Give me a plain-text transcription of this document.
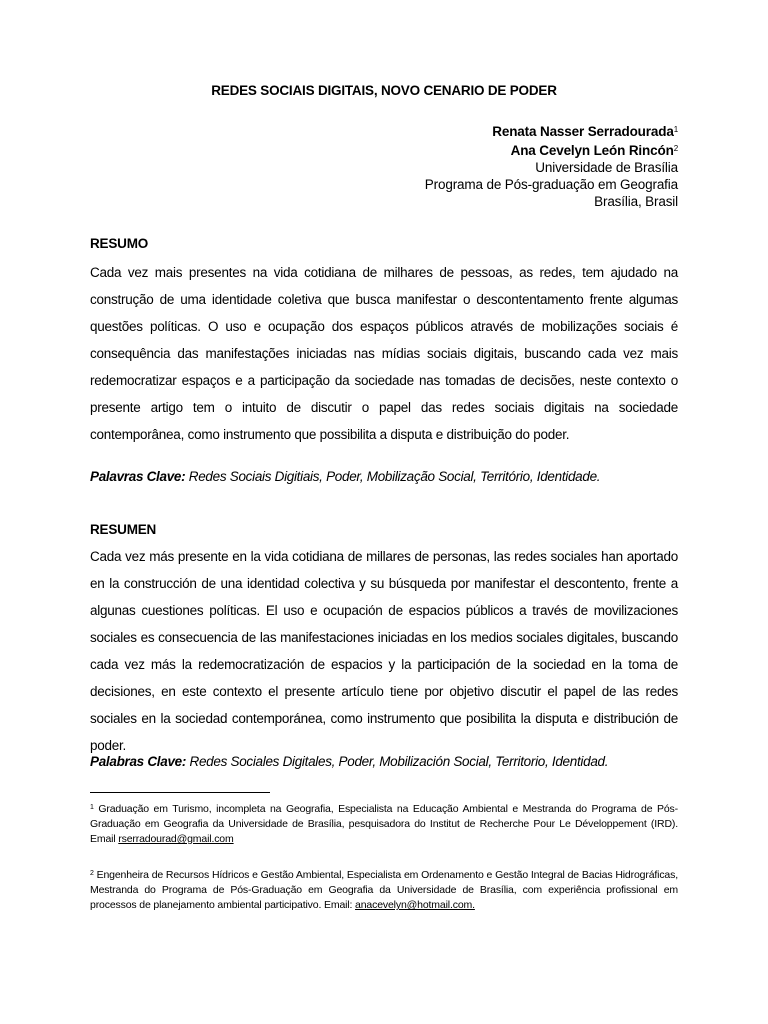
REDES SOCIAIS DIGITAIS, NOVO CENARIO DE PODER
Renata Nasser Serradourada$^1$
Ana Cevelyn León Rincón$^2$
Universidade de Brasília
Programa de Pós-graduação em Geografia
Brasília, Brasil
RESUMO
Cada vez mais presentes na vida cotidiana de milhares de pessoas, as redes, tem ajudado na construção de uma identidade coletiva que busca manifestar o descontentamento frente algumas questões políticas. O uso e ocupação dos espaços públicos através de mobilizações sociais é consequência das manifestações iniciadas nas mídias sociais digitais, buscando cada vez mais redemocratizar espaços e a participação da sociedade nas tomadas de decisões, neste contexto o presente artigo tem o intuito de discutir o papel das redes sociais digitais na sociedade contemporânea, como instrumento que possibilita a disputa e distribuição do poder.
Palavras Clave: Redes Sociais Digitiais, Poder, Mobilização Social, Território, Identidade.
RESUMEN
Cada vez más presente en la vida cotidiana de millares de personas, las redes sociales han aportado en la construcción de una identidad colectiva y su búsqueda por manifestar el descontento, frente a algunas cuestiones políticas. El uso e ocupación de espacios públicos a través de movilizaciones sociales es consecuencia de las manifestaciones iniciadas en los medios sociales digitales, buscando cada vez más la redemocratización de espacios y la participación de la sociedad en la toma de decisiones, en este contexto el presente artículo tiene por objetivo discutir el papel de las redes sociales en la sociedad contemporánea, como instrumento que posibilita la disputa e distribución de poder.
Palabras Clave: Redes Sociales Digitales, Poder, Mobilización Social, Territorio, Identidad.
$^1$ Graduação em Turismo, incompleta na Geografia, Especialista na Educação Ambiental e Mestranda do Programa de Pós-Graduação em Geografia da Universidade de Brasília, pesquisadora do Institut de Recherche Pour Le Développement (IRD). Email rserradourad@gmail.com
$^2$ Engenheira de Recursos Hídricos e Gestão Ambiental, Especialista em Ordenamento e Gestão Integral de Bacias Hidrográficas, Mestranda do Programa de Pós-Graduação em Geografia da Universidade de Brasília, com experiência profissional em processos de planejamento ambiental participativo. Email: anacevelyn@hotmail.com.
